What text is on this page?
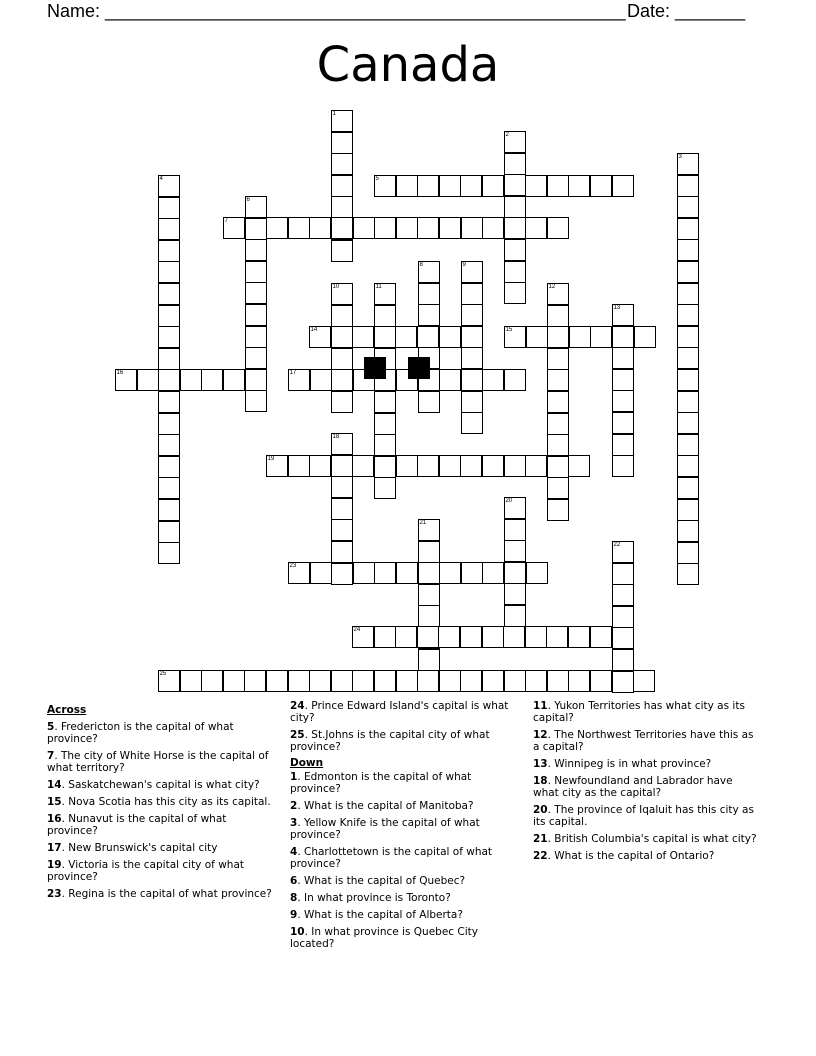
Name: ____________________________________________________ Date: _______
Canada
1
2
3
4	5
6
7
8	9
10	11	12
13
14	15
16	17
18
19
20
21
22
23
24
25
Across
5. Fredericton is the capital of what province?
7. The city of White Horse is the capital of what territory?
14. Saskatchewan's capital is what city?
15. Nova Scotia has this city as its capital.
16. Nunavut is the capital of what province?
17. New Brunswick's capital city
19. Victoria is the capital city of what province?
23. Regina is the capital of what province?
24. Prince Edward Island's capital is what city?
25. St.Johns is the capital city of what province?
Down
1. Edmonton is the capital of what province?
2. What is the capital of Manitoba?
3. Yellow Knife is the capital of what province?
4. Charlottetown is the capital of what province?
6. What is the capital of Quebec?
8. In what province is Toronto?
9. What is the capital of Alberta?
10. In what province is Quebec City located?
11. Yukon Territories has what city as its capital?
12. The Northwest Territories have this as a capital?
13. Winnipeg is in what province?
18. Newfoundland and Labrador have what city as the capital?
20. The province of Iqaluit has this city as its capital.
21. British Columbia's capital is what city?
22. What is the capital of Ontario?
